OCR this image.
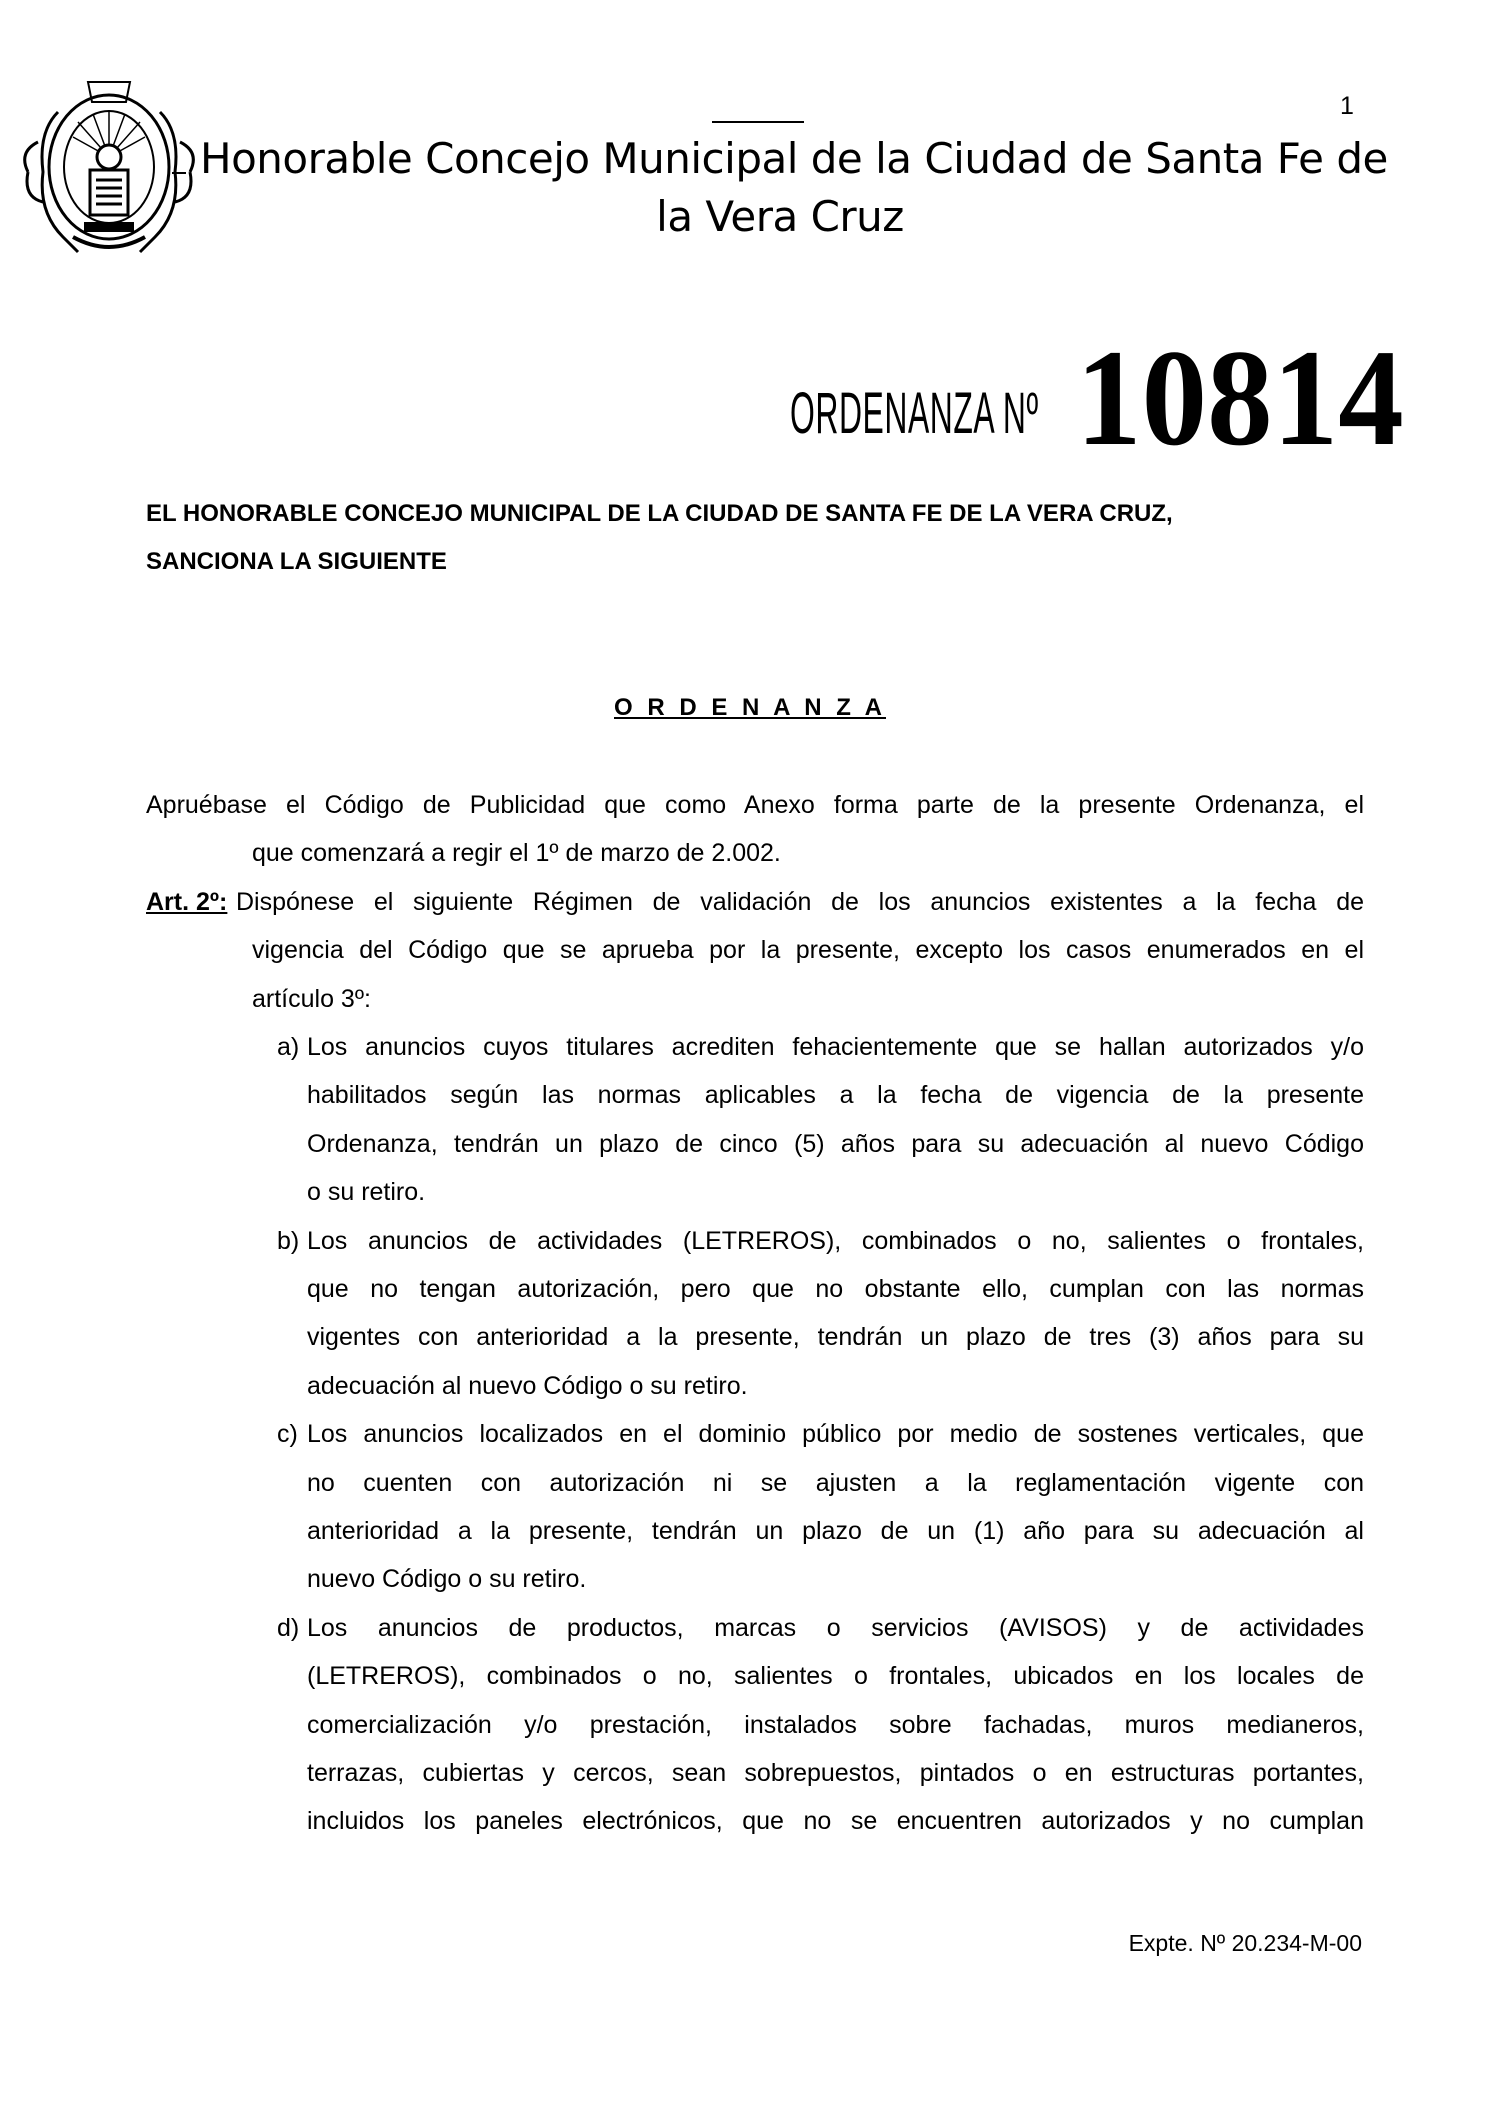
1
Honorable Concejo Municipal de la Ciudad de Santa Fe de
la Vera Cruz
ORDENANZA Nº 10814
EL HONORABLE CONCEJO MUNICIPAL DE LA CIUDAD DE SANTA FE DE LA VERA CRUZ,
SANCIONA LA SIGUIENTE
O R D E N A N Z A
Apruébase el Código de Publicidad que como Anexo forma parte de la presente Ordenanza, el
que comenzará a regir el 1º de marzo de 2.002.
Art. 2º: Dispónese el siguiente Régimen de validación de los anuncios existentes a la fecha de
vigencia del Código que se aprueba por la presente, excepto los casos enumerados en el
artículo 3º:
a) Los anuncios cuyos titulares acrediten fehacientemente que se hallan autorizados y/o
habilitados según las normas aplicables a la fecha de vigencia de la presente
Ordenanza, tendrán un plazo de cinco (5) años para su adecuación al nuevo Código
o su retiro.
b) Los anuncios de actividades (LETREROS), combinados o no, salientes o frontales,
que no tengan autorización, pero que no obstante ello, cumplan con las normas
vigentes con anterioridad a la presente, tendrán un plazo de tres (3) años para su
adecuación al nuevo Código o su retiro.
c) Los anuncios localizados en el dominio público por medio de sostenes verticales, que
no cuenten con autorización ni se ajusten a la reglamentación vigente con
anterioridad a la presente, tendrán un plazo de un (1) año para su adecuación al
nuevo Código o su retiro.
d) Los anuncios de productos, marcas o servicios (AVISOS) y de actividades
(LETREROS), combinados o no, salientes o frontales, ubicados en los locales de
comercialización y/o prestación, instalados sobre fachadas, muros medianeros,
terrazas, cubiertas y cercos, sean sobrepuestos, pintados o en estructuras portantes,
incluidos los paneles electrónicos, que no se encuentren autorizados y no cumplan
Expte. Nº 20.234-M-00
